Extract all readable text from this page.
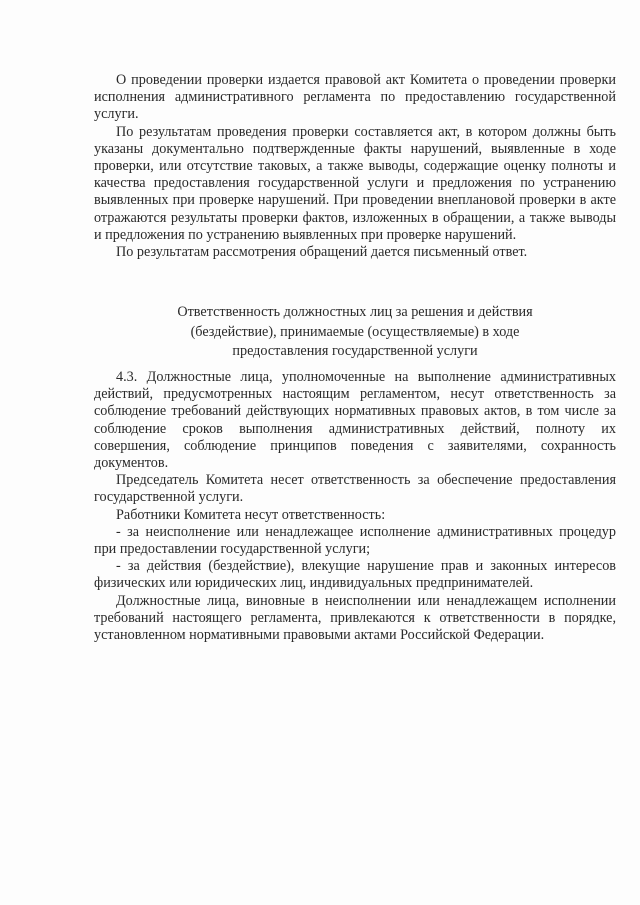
О проведении проверки издается правовой акт Комитета о проведении проверки исполнения административного регламента по предоставлению государственной услуги.

По результатам проведения проверки составляется акт, в котором должны быть указаны документально подтвержденные факты нарушений, выявленные в ходе проверки, или отсутствие таковых, а также выводы, содержащие оценку полноты и качества предоставления государственной услуги и предложения по устранению выявленных при проверке нарушений. При проведении внеплановой проверки в акте отражаются результаты проверки фактов, изложенных в обращении, а также выводы и предложения по устранению выявленных при проверке нарушений.

По результатам рассмотрения обращений дается письменный ответ.

Ответственность должностных лиц за решения и действия
(бездействие), принимаемые (осуществляемые) в ходе
предоставления государственной услуги

4.3. Должностные лица, уполномоченные на выполнение административных действий, предусмотренных настоящим регламентом, несут ответственность за соблюдение требований действующих нормативных правовых актов, в том числе за соблюдение сроков выполнения административных действий, полноту их совершения, соблюдение принципов поведения с заявителями, сохранность документов.

Председатель Комитета несет ответственность за обеспечение предоставления государственной услуги.

Работники Комитета несут ответственность:

- за неисполнение или ненадлежащее исполнение административных процедур при предоставлении государственной услуги;

- за действия (бездействие), влекущие нарушение прав и законных интересов физических или юридических лиц, индивидуальных предпринимателей.

Должностные лица, виновные в неисполнении или ненадлежащем исполнении требований настоящего регламента, привлекаются к ответственности в порядке, установленном нормативными правовыми актами Российской Федерации.
